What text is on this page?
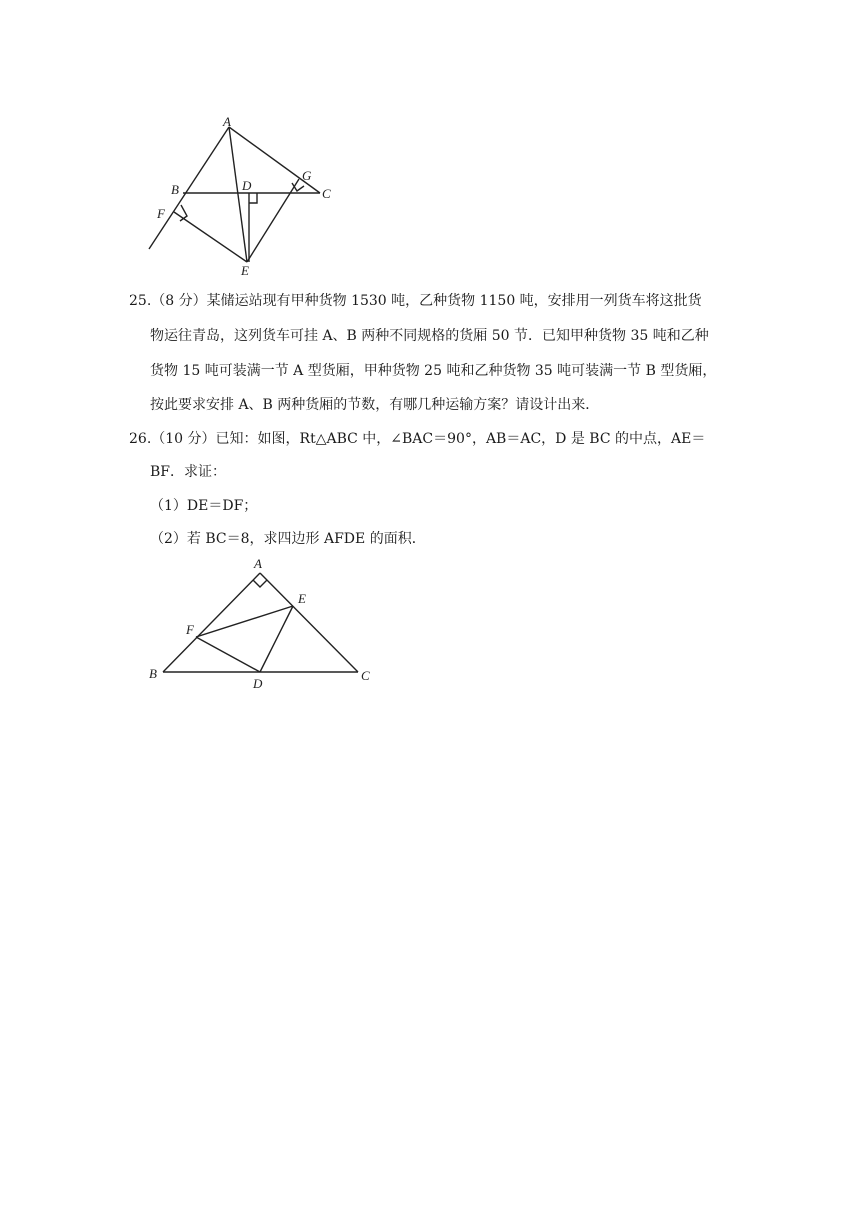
A
B	C
D
E
F
G
25.（8 分）某储运站现有甲种货物 1530 吨，乙种货物 1150 吨，安排用一列货车将这批货
物运往青岛，这列货车可挂 A、B 两种不同规格的货厢 50 节．已知甲种货物 35 吨和乙种
货物 15 吨可装满一节 A 型货厢，甲种货物 25 吨和乙种货物 35 吨可装满一节 B 型货厢，
按此要求安排 A、B 两种货厢的节数，有哪几种运输方案？请设计出来．
26.（10 分）已知：如图，Rt△ABC 中，∠BAC＝90°，AB＝AC，D 是 BC 的中点，AE＝
BF．求证：
（1）DE＝DF；
（2）若 BC＝8，求四边形 AFDE 的面积．
A
B	C
D
E
F
